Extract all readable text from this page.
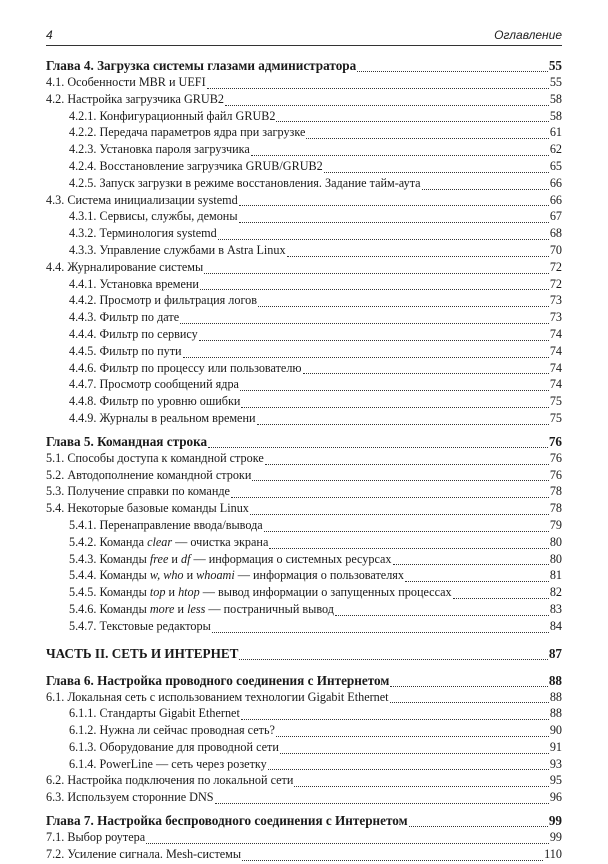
4	Оглавление
Глава 4. Загрузка системы глазами администратора	55
4.1. Особенности MBR и UEFI	55
4.2. Настройка загрузчика GRUB2	58
4.2.1. Конфигурационный файл GRUB2	58
4.2.2. Передача параметров ядра при загрузке	61
4.2.3. Установка пароля загрузчика	62
4.2.4. Восстановление загрузчика GRUB/GRUB2	65
4.2.5. Запуск загрузки в режиме восстановления. Задание тайм-аута	66
4.3. Система инициализации systemd	66
4.3.1. Сервисы, службы, демоны	67
4.3.2. Терминология systemd	68
4.3.3. Управление службами в Astra Linux	70
4.4. Журналирование системы	72
4.4.1. Установка времени	72
4.4.2. Просмотр и фильтрация логов	73
4.4.3. Фильтр по дате	73
4.4.4. Фильтр по сервису	74
4.4.5. Фильтр по пути	74
4.4.6. Фильтр по процессу или пользователю	74
4.4.7. Просмотр сообщений ядра	74
4.4.8. Фильтр по уровню ошибки	75
4.4.9. Журналы в реальном времени	75
Глава 5. Командная строка	76
5.1. Способы доступа к командной строке	76
5.2. Автодополнение командной строки	76
5.3. Получение справки по команде	78
5.4. Некоторые базовые команды Linux	78
5.4.1. Перенаправление ввода/вывода	79
5.4.2. Команда clear — очистка экрана	80
5.4.3. Команды free и df — информация о системных ресурсах	80
5.4.4. Команды w, who и whoami — информация о пользователях	81
5.4.5. Команды top и htop — вывод информации о запущенных процессах	82
5.4.6. Команды more и less — постраничный вывод	83
5.4.7. Текстовые редакторы	84
ЧАСТЬ II. СЕТЬ И ИНТЕРНЕТ	87
Глава 6. Настройка проводного соединения с Интернетом	88
6.1. Локальная сеть с использованием технологии Gigabit Ethernet	88
6.1.1. Стандарты Gigabit Ethernet	88
6.1.2. Нужна ли сейчас проводная сеть?	90
6.1.3. Оборудование для проводной сети	91
6.1.4. PowerLine — сеть через розетку	93
6.2. Настройка подключения по локальной сети	95
6.3. Используем сторонние DNS	96
Глава 7. Настройка беспроводного соединения с Интернетом	99
7.1. Выбор роутера	99
7.2. Усиление сигнала. Mesh-системы	110
